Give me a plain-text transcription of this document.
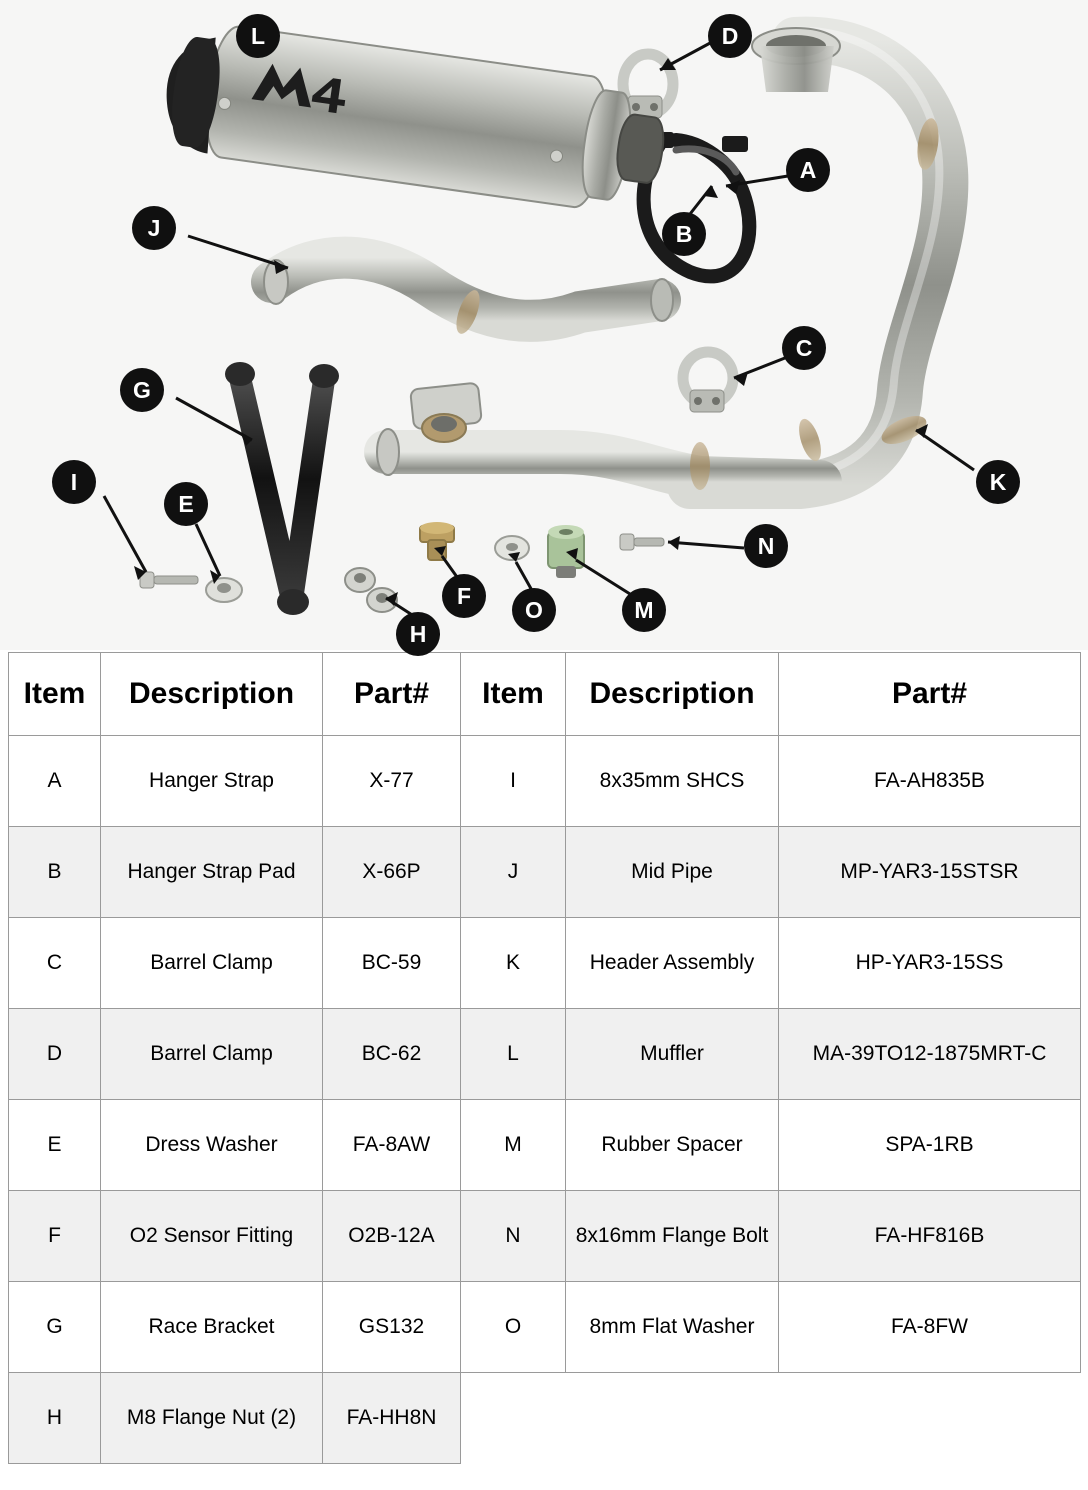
L	D
A
B
J
C
G
K
I
E
H
F
O	M
N
Item	Description	Part#	Item	Description	Part#
A	Hanger Strap	X-77	I	8x35mm SHCS	FA-AH835B
B	Hanger Strap Pad	X-66P	J	Mid Pipe	MP-YAR3-15STSR
C	Barrel Clamp	BC-59	K	Header Assembly	HP-YAR3-15SS
D	Barrel Clamp	BC-62	L	Muffler	MA-39TO12-1875MRT-C
E	Dress Washer	FA-8AW	M	Rubber Spacer	SPA-1RB
F	O2 Sensor Fitting	O2B-12A	N	8x16mm Flange Bolt	FA-HF816B
G	Race Bracket	GS132	O	8mm Flat Washer	FA-8FW
H	M8 Flange Nut (2)	FA-HH8N			
